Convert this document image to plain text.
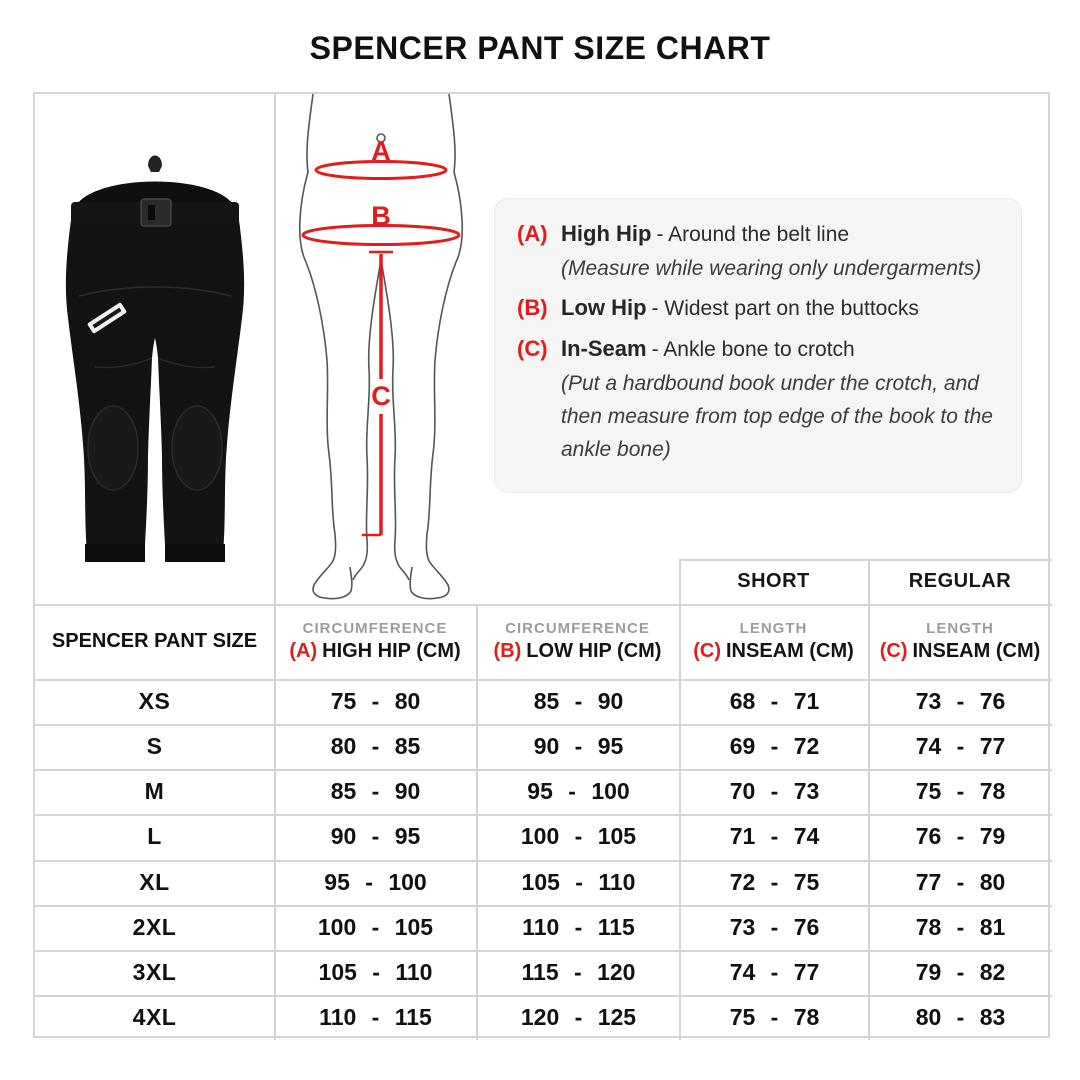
SPENCER PANT SIZE CHART
A
B
C
(A) High Hip - Around the belt line
(Measure while wearing only undergarments)
(B) Low Hip - Widest part on the buttocks
(C) In-Seam - Ankle bone to crotch
(Put a hardbound book under the crotch, and then measure from top edge of the book to the ankle bone)
SHORT	REGULAR
SPENCER PANT SIZE
CIRCUMFERENCE
(A) HIGH HIP (CM)
CIRCUMFERENCE
(B) LOW HIP (CM)
LENGTH
(C) INSEAM (CM)
LENGTH
(C) INSEAM (CM)
XS	75 - 80	85 - 90	68 - 71	73 - 76
S	80 - 85	90 - 95	69 - 72	74 - 77
M	85 - 90	95 - 100	70 - 73	75 - 78
L	90 - 95	100 - 105	71 - 74	76 - 79
XL	95 - 100	105 - 110	72 - 75	77 - 80
2XL	100 - 105	110 - 115	73 - 76	78 - 81
3XL	105 - 110	115 - 120	74 - 77	79 - 82
4XL	110 - 115	120 - 125	75 - 78	80 - 83
